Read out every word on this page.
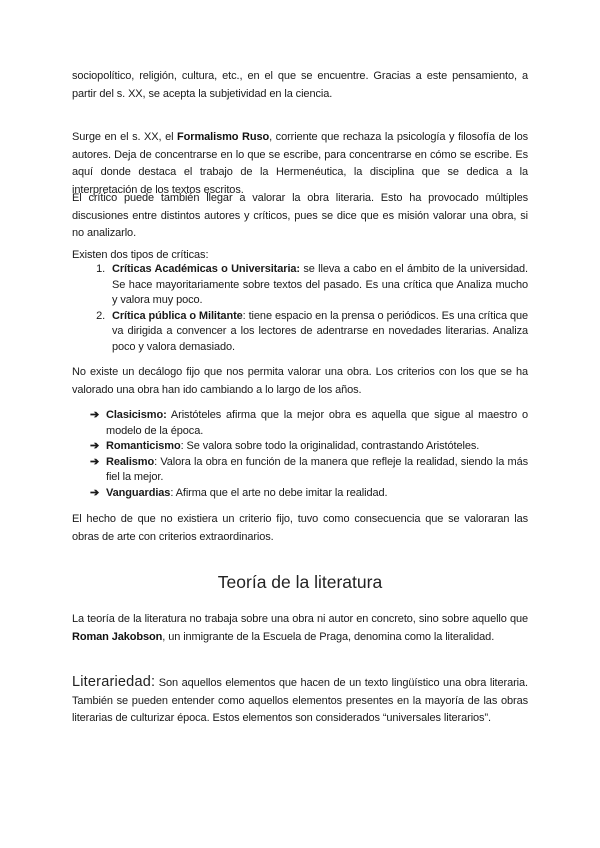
sociopolítico, religión, cultura, etc., en el que se encuentre. Gracias a este pensamiento, a partir del s. XX, se acepta la subjetividad en la ciencia.

Surge en el s. XX, el Formalismo Ruso, corriente que rechaza la psicología y filosofía de los autores. Deja de concentrarse en lo que se escribe, para concentrarse en cómo se escribe. Es aquí donde destaca el trabajo de la Hermenéutica, la disciplina que se dedica a la interpretación de los textos escritos.

El crítico puede también llegar a valorar la obra literaria. Esto ha provocado múltiples discusiones entre distintos autores y críticos, pues se dice que es misión valorar una obra, si no analizarlo.

Existen dos tipos de críticas:

1. Críticas Académicas o Universitaria: se lleva a cabo en el ámbito de la universidad. Se hace mayoritariamente sobre textos del pasado. Es una crítica que Analiza mucho y valora muy poco.
2. Crítica pública o Militante: tiene espacio en la prensa o periódicos. Es una crítica que va dirigida a convencer a los lectores de adentrarse en novedades literarias. Analiza poco y valora demasiado.

No existe un decálogo fijo que nos permita valorar una obra. Los criterios con los que se ha valorado una obra han ido cambiando a lo largo de los años.

➔ Clasicismo: Aristóteles afirma que la mejor obra es aquella que sigue al maestro o modelo de la época.
➔ Romanticismo: Se valora sobre todo la originalidad, contrastando Aristóteles.
➔ Realismo: Valora la obra en función de la manera que refleje la realidad, siendo la más fiel la mejor.
➔ Vanguardias: Afirma que el arte no debe imitar la realidad.

El hecho de que no existiera un criterio fijo, tuvo como consecuencia que se valoraran las obras de arte con criterios extraordinarios.

Teoría de la literatura

La teoría de la literatura no trabaja sobre una obra ni autor en concreto, sino sobre aquello que Roman Jakobson, un inmigrante de la Escuela de Praga, denomina como la literalidad.

Literariedad: Son aquellos elementos que hacen de un texto lingüístico una obra literaria. También se pueden entender como aquellos elementos presentes en la mayoría de las obras literarias de culturizar época. Estos elementos son considerados “universales literarios”.
